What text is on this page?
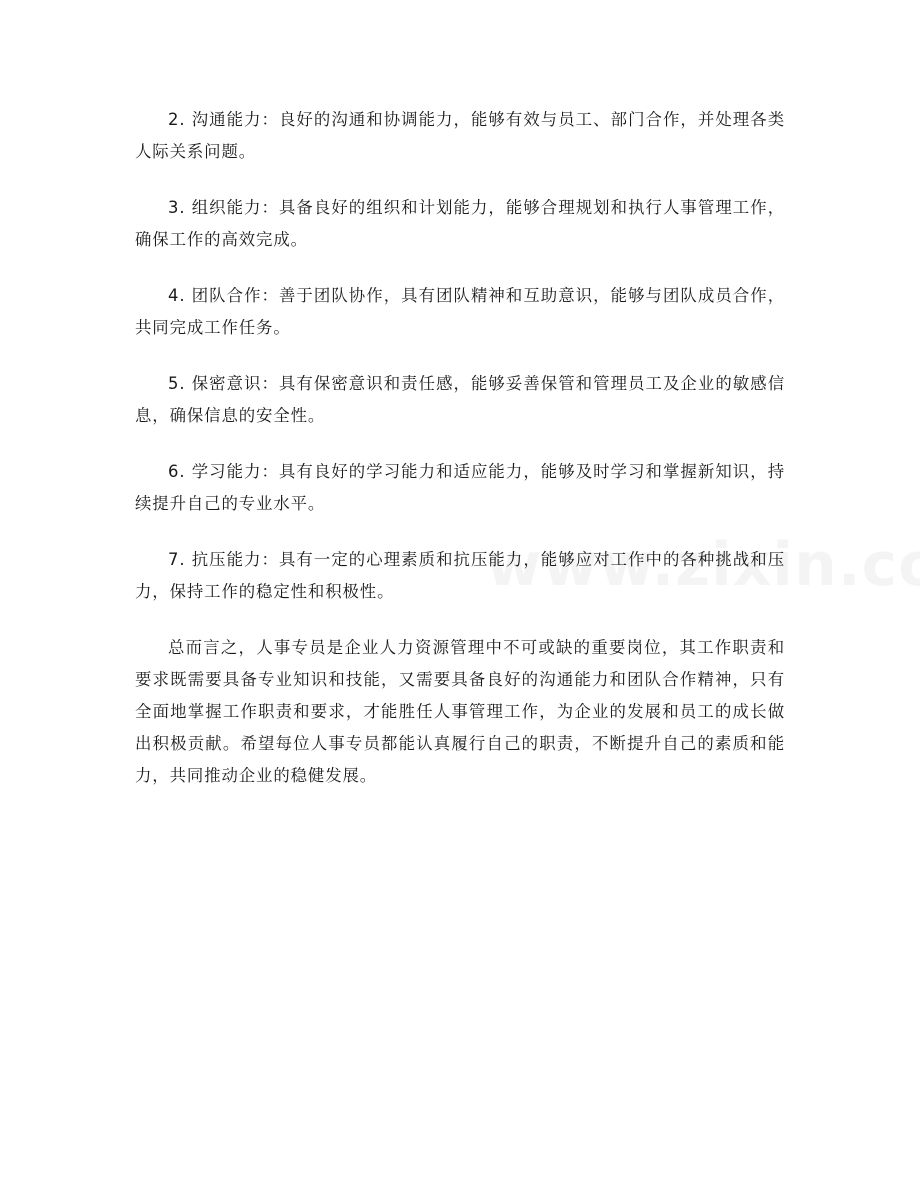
2. 沟通能力：良好的沟通和协调能力，能够有效与员工、部门合作，并处理各类人际关系问题。

3. 组织能力：具备良好的组织和计划能力，能够合理规划和执行人事管理工作，确保工作的高效完成。

4. 团队合作：善于团队协作，具有团队精神和互助意识，能够与团队成员合作，共同完成工作任务。

5. 保密意识：具有保密意识和责任感，能够妥善保管和管理员工及企业的敏感信息，确保信息的安全性。

6. 学习能力：具有良好的学习能力和适应能力，能够及时学习和掌握新知识，持续提升自己的专业水平。

7. 抗压能力：具有一定的心理素质和抗压能力，能够应对工作中的各种挑战和压力，保持工作的稳定性和积极性。

总而言之，人事专员是企业人力资源管理中不可或缺的重要岗位，其工作职责和要求既需要具备专业知识和技能，又需要具备良好的沟通能力和团队合作精神，只有全面地掌握工作职责和要求，才能胜任人事管理工作，为企业的发展和员工的成长做出积极贡献。希望每位人事专员都能认真履行自己的职责，不断提升自己的素质和能力，共同推动企业的稳健发展。
